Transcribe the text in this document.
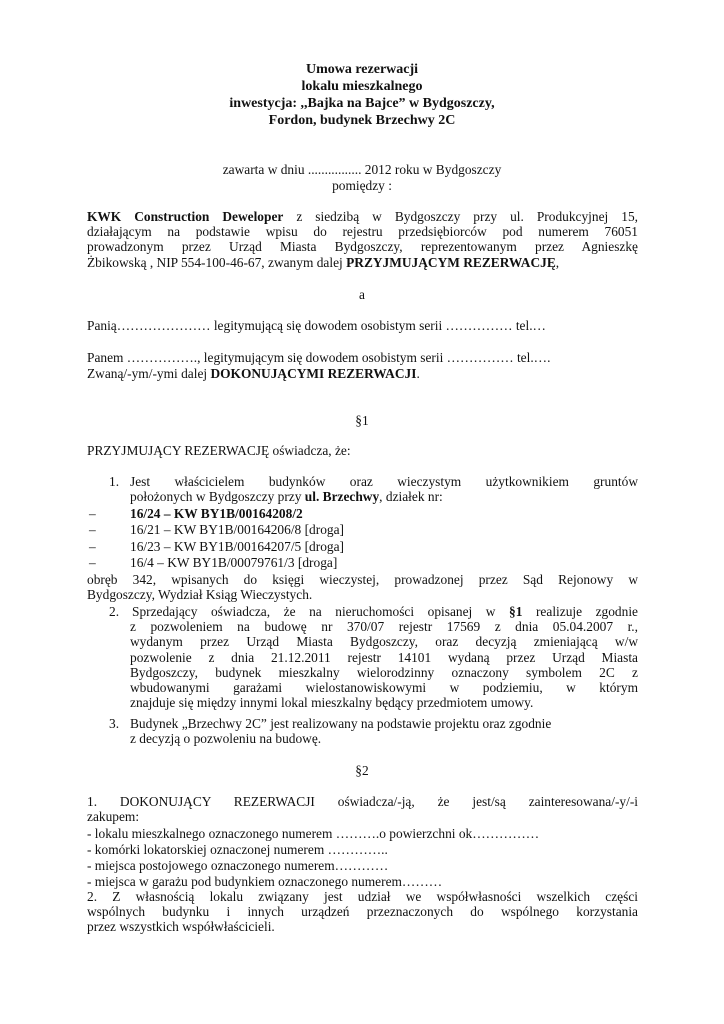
Umowa rezerwacji
lokalu mieszkalnego
inwestycja: ,,Bajka na Bajce” w Bydgoszczy,
Fordon, budynek Brzechwy 2C
zawarta w dniu ................ 2012 roku w Bydgoszczy
pomiędzy :
KWK Construction Deweloper z siedzibą w Bydgoszczy przy ul. Produkcyjnej 15,
działającym na podstawie wpisu do rejestru przedsiębiorców pod numerem 76051
prowadzonym przez Urząd Miasta Bydgoszczy, reprezentowanym przez Agnieszkę
Żbikowską , NIP 554-100-46-67, zwanym dalej PRZYJMUJĄCYM REZERWACJĘ,
a
Panią………………… legitymującą się dowodem osobistym serii …………… tel.…
Panem ……………., legitymującym się dowodem osobistym serii …………… tel.….
Zwaną/-ym/-ymi dalej DOKONUJĄCYMI REZERWACJI.
§1
PRZYJMUJĄCY REZERWACJĘ oświadcza, że:
1. Jest właścicielem budynków oraz wieczystym użytkownikiem gruntów
położonych w Bydgoszczy przy ul. Brzechwy, działek nr:
–	16/24 – KW BY1B/00164208/2
–	16/21 – KW BY1B/00164206/8 [droga]
–	16/23 – KW BY1B/00164207/5 [droga]
–	16/4 – KW BY1B/00079761/3 [droga]
obręb 342, wpisanych do księgi wieczystej, prowadzonej przez Sąd Rejonowy w
Bydgoszczy, Wydział Ksiąg Wieczystych.
2. Sprzedający oświadcza, że na nieruchomości opisanej w §1 realizuje zgodnie
z pozwoleniem na budowę nr 370/07 rejestr 17569 z dnia 05.04.2007 r.,
wydanym przez Urząd Miasta Bydgoszczy, oraz decyzją zmieniającą w/w
pozwolenie z dnia 21.12.2011 rejestr 14101 wydaną przez Urząd Miasta
Bydgoszczy, budynek mieszkalny wielorodzinny oznaczony symbolem 2C z
wbudowanymi garażami wielostanowiskowymi w podziemiu, w którym
znajduje się między innymi lokal mieszkalny będący przedmiotem umowy.
3. Budynek „Brzechwy 2C” jest realizowany na podstawie projektu oraz zgodnie
z decyzją o pozwoleniu na budowę.
§2
1. DOKONUJĄCY REZERWACJI oświadcza/-ją, że jest/są zainteresowana/-y/-i
zakupem:
- lokalu mieszkalnego oznaczonego numerem ……….o powierzchni ok……………
- komórki lokatorskiej oznaczonej numerem …………..
- miejsca postojowego oznaczonego numerem…………
- miejsca w garażu pod budynkiem oznaczonego numerem………
2. Z własnością lokalu związany jest udział we współwłasności wszelkich części
wspólnych budynku i innych urządzeń przeznaczonych do wspólnego korzystania
przez wszystkich współwłaścicieli.
